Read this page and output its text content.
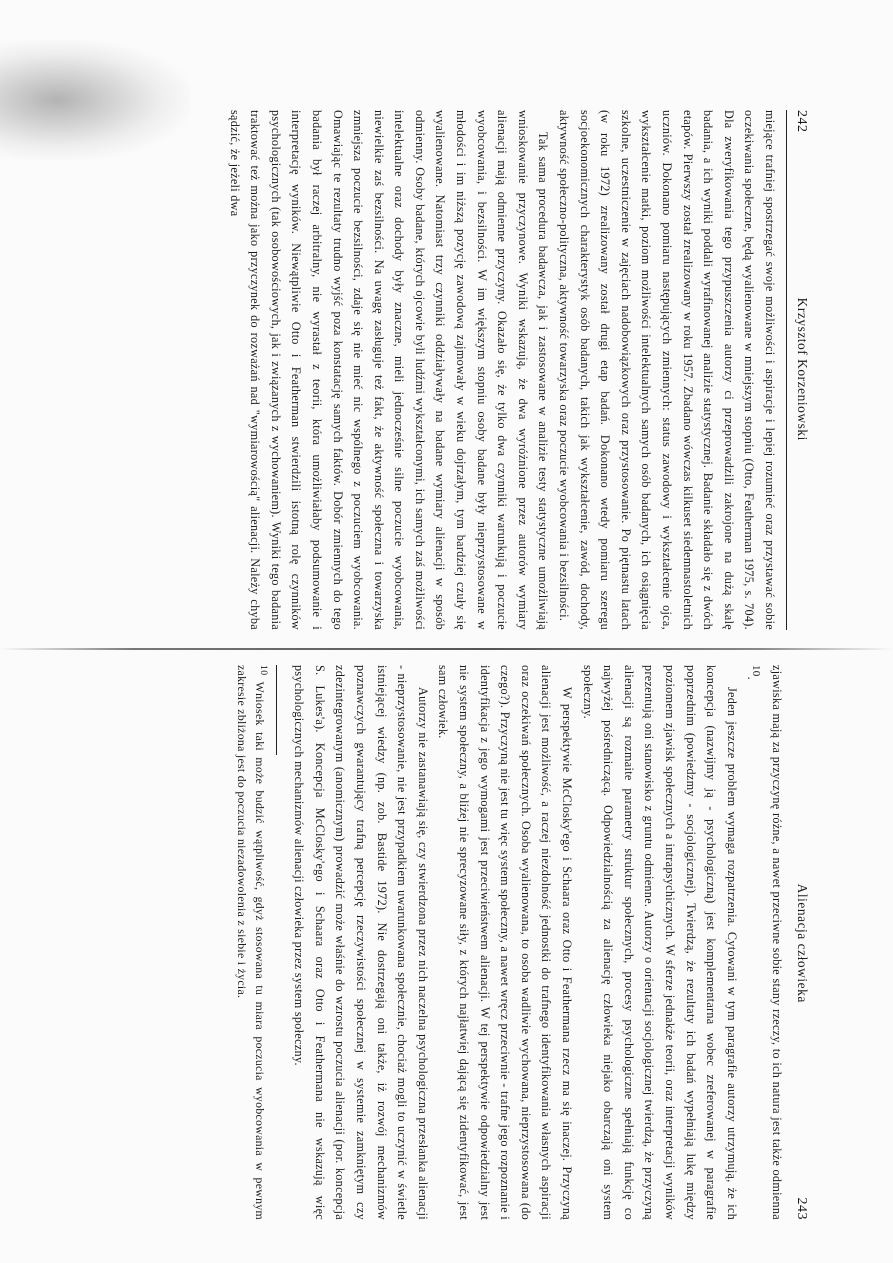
242
Krzysztof Korzeniowski

miejące trafniej spostrzegać swoje możliwości i aspiracje i lepiej rozumieć oraz przystawać sobie oczekiwania społeczne, będą wyalienowane w mniejszym stopniu (Otto, Featherman 1975, s. 704). Dla zweryfikowania tego przypuszczenia autorzy ci przeprowadzili zakrojone na dużą skalę badania, a ich wyniki poddali wyrafinowanej analizie statystycznej. Badanie składało się z dwóch etapów. Pierwszy został zrealizowany w roku 1957. Zbadano wówczas kilkuset siedemnastoletnich uczniów. Dokonano pomiaru następujących zmiennych: status zawodowy i wykształcenie ojca, wykształcenie matki, poziom możliwości intelektualnych samych osób badanych, ich osiągnięcia szkolne, uczestniczenie w zajęciach nadobowiązkowych oraz przystosowanie. Po piętnastu latach (w roku 1972) zrealizowany został drugi etap badań. Dokonano wtedy pomiaru szeregu socjoekonomicznych charakterystyk osób badanych, takich jak wykształcenie, zawód, dochody, aktywność społeczno-polityczna, aktywność towarzyska oraz poczucie wyobcowania i bezsilności.

Tak sama procedura badawcza, jak i zastosowane w analizie testy statystyczne umożliwiają wnioskowanie przyczynowe. Wyniki wskazują, że dwa wyróżnione przez autorów wymiary alienacji mają odmienne przyczyny. Okazało się, że tylko dwa czynniki warunkują i poczucie wyobcowania, i bezsilności. W im większym stopniu osoby badane były nieprzystosowane w młodości i im niższą pozycję zawodową zajmowały w wieku dojrzałym, tym bardziej czuły się wyalienowane. Natomiast trzy czynniki oddziaływały na badane wymiary alienacji w sposób odmienny. Osoby badane, których ojcowie byli ludźmi wykształconymi, ich samych zaś możliwości intelektualne oraz dochody były znaczne, mieli jednocześnie silne poczucie wyobcowania, niewielkie zaś bezsilności. Na uwagę zasługuje też fakt, że aktywność społeczna i towarzyska zmniejsza poczucie bezsilności, zdaje się nie mieć nic wspólnego z poczuciem wyobcowania. Omawiając te rezultaty trudno wyjść poza konstatację samych faktów. Dobór zmiennych do tego badania był raczej arbitralny, nie wyrastał z teorii, która umożliwiałaby podsumowanie i interpretację wyników. Niewątpliwie Otto i Featherman stwierdzili istotną rolę czynników psychologicznych (tak osobowościowych, jak i związanych z wychowaniem). Wyniki tego badania traktować też można jako przyczynek do rozważań nad "wymiarowością" alienacji. Należy chyba sądzić, że jeżeli dwa

Alienacja człowieka
243

zjawiska mają za przyczynę różne, a nawet przeciwne sobie stany rzeczy, to ich natura jest także odmienna $^{10}$.

Jeden jeszcze problem wymaga rozpatrzenia. Cytowani w tym paragrafie autorzy utrzymują, że ich koncepcja (nazwijmy ją - psychologiczną) jest komplementarna wobec zreferowanej w paragrafie poprzednim (powiedzmy - socjologicznej). Twierdzą, że rezultaty ich badań wypełniają lukę między poziomem zjawisk społecznych a intrapsychicznych. W sferze jednakże teorii, oraz interpretacji wyników prezentują oni stanowisko z gruntu odmienne. Autorzy o orientacji socjologicznej twierdzą, że przyczyną alienacji są rozmaite parametry struktur społecznych, procesy psychologiczne spełniają funkcję co najwyżej pośredniczącą. Odpowiedzialnością za alienację człowieka niejako obarczają oni system społeczny.

W perspektywie McClosky'ego i Schaara oraz Otto i Feathermana rzecz ma się inaczej. Przyczyną alienacji jest możliwość, a raczej niezdolność jednostki do trafnego identyfikowania własnych aspiracji oraz oczekiwań społecznych. Osoba wyalienowana, to osoba wadliwie wychowana, nieprzystosowana (do czego?). Przyczyną nie jest tu więc system społeczny, a nawet wręcz przeciwnie - trafne jego rozpoznanie i identyfikacja z jego wymogami jest przeciwieństwem alienacji. W tej perspektywie odpowiedzialny jest nie system społeczny, a bliżej nie sprecyzowane siły, z których najłatwiej dającą się zidentyfikować, jest sam człowiek.

Autorzy nie zastanawiają się, czy stwierdzona przez nich naczelna psychologiczna przesłanka alienacji - nieprzystosowanie, nie jest przypadkiem uwarunkowana społecznie, chociaż mogli to uczynić w świetle istniejącej wiedzy (np. zob. Bastide 1972). Nie dostrzegają oni także, iż rozwój mechanizmów poznawczych gwarantujący trafną percepcję rzeczywistości społecznej w systemie zamkniętym czy zdezintegrowanym (anomicznym) prowadzić może właśnie do wzrostu poczucia alienacji (por. koncepcja S. Lukes'a). Koncepcja McClosky'ego i Schaara oraz Otto i Feathermana nie wskazują więc psychologicznych mechanizmów alienacji człowieka przez system społeczny.

$^{10}$ Wniosek taki może budzić wątpliwość, gdyż stosowana tu miara poczucia wyobcowania w pewnym zakresie zbliżona jest do poczucia niezadowolenia z siebie i życia.
